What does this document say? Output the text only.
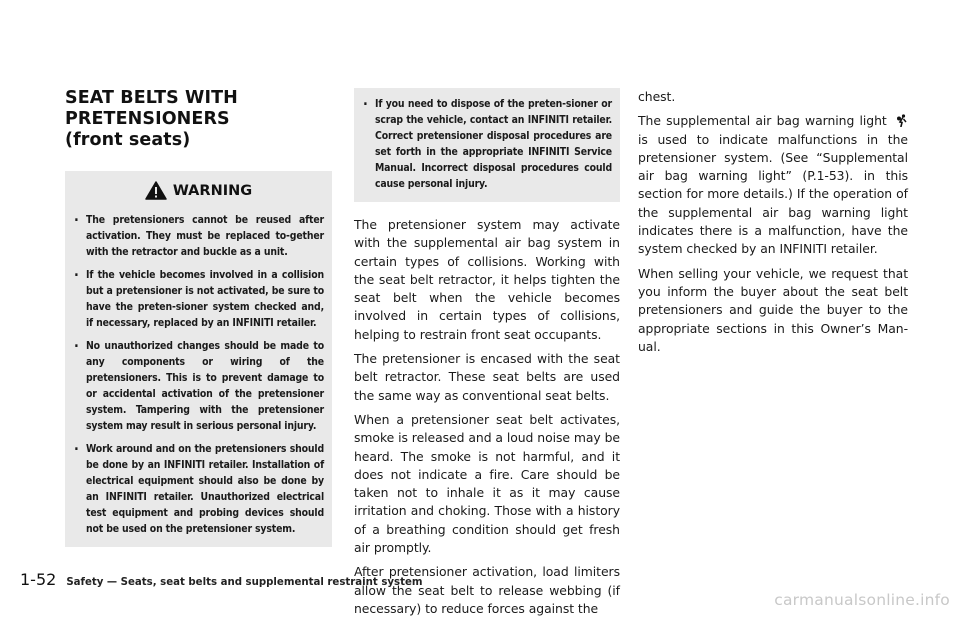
SEAT BELTS WITH PRETENSIONERS
(front seats)
WARNING
. The pretensioners cannot be reused after activation. They must be replaced to-gether with the retractor and buckle as a unit.
. If the vehicle becomes involved in a collision but a pretensioner is not activated, be sure to have the preten-sioner system checked and, if necessary, replaced by an INFINITI retailer.
. No unauthorized changes should be made to any components or wiring of the pretensioners. This is to prevent damage to or accidental activation of the pretensioner system. Tampering with the pretensioner system may result in serious personal injury.
. Work around and on the pretensioners should be done by an INFINITI retailer. Installation of electrical equipment should also be done by an INFINITI retailer. Unauthorized electrical test equipment and probing devices should not be used on the pretensioner system.
. If you need to dispose of the preten-sioner or scrap the vehicle, contact an INFINITI retailer. Correct pretensioner disposal procedures are set forth in the appropriate INFINITI Service Manual. Incorrect disposal procedures could cause personal injury.

The pretensioner system may activate with the supplemental air bag system in certain types of collisions. Working with the seat belt retractor, it helps tighten the seat belt when the vehicle becomes involved in certain types of collisions, helping to restrain front seat occupants.

The pretensioner is encased with the seat belt retractor. These seat belts are used the same way as conventional seat belts.

When a pretensioner seat belt activates, smoke is released and a loud noise may be heard. The smoke is not harmful, and it does not indicate a fire. Care should be taken not to inhale it as it may cause irritation and choking. Those with a history of a breathing condition should get fresh air promptly.

After pretensioner activation, load limiters allow the seat belt to release webbing (if necessary) to reduce forces against the

chest.

The supplemental air bag warning light  is used to indicate malfunctions in the pretensioner system. (See “Supplemental air bag warning light” (P.1-53). in this section for more details.) If the operation of the supplemental air bag warning light indicates there is a malfunction, have the system checked by an INFINITI retailer.

When selling your vehicle, we request that you inform the buyer about the seat belt pretensioners and guide the buyer to the appropriate sections in this Owner’s Man-ual.

1-52 Safety — Seats, seat belts and supplemental restraint system
carmanualsonline.info
